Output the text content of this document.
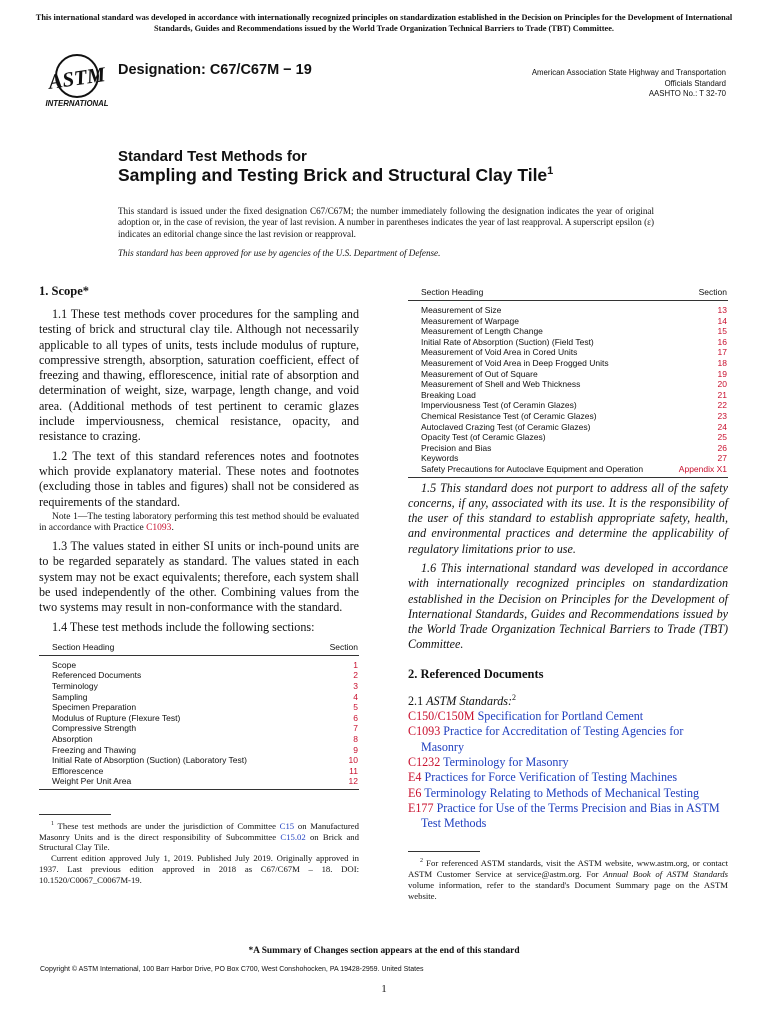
This international standard was developed in accordance with internationally recognized principles on standardization established in the Decision on Principles for the Development of International Standards, Guides and Recommendations issued by the World Trade Organization Technical Barriers to Trade (TBT) Committee.
ASTM
INTERNATIONAL
Designation: C67/C67M − 19	American Association State Highway and Transportation
Officials Standard
AASHTO No.: T 32-70
Standard Test Methods for
Sampling and Testing Brick and Structural Clay Tile$^1$
This standard is issued under the fixed designation C67/C67M; the number immediately following the designation indicates the year of original adoption or, in the case of revision, the year of last revision. A number in parentheses indicates the year of last reapproval. A superscript epsilon (ε) indicates an editorial change since the last revision or reapproval.
This standard has been approved for use by agencies of the U.S. Department of Defense.
1. Scope*

1.1 These test methods cover procedures for the sampling and testing of brick and structural clay tile. Although not necessarily applicable to all types of units, tests include modulus of rupture, compressive strength, absorption, saturation coefficient, effect of freezing and thawing, efflorescence, initial rate of absorption and determination of weight, size, warpage, length change, and void area. (Additional methods of test pertinent to ceramic glazes include imperviousness, chemical resistance, opacity, and resistance to crazing.

1.2 The text of this standard references notes and footnotes which provide explanatory material. These notes and footnotes (excluding those in tables and figures) shall not be considered as requirements of the standard.

Note 1—The testing laboratory performing this test method should be evaluated in accordance with Practice C1093.

1.3 The values stated in either SI units or inch-pound units are to be regarded separately as standard. The values stated in each system may not be exact equivalents; therefore, each system shall be used independently of the other. Combining values from the two systems may result in non-conformance with the standard.

1.4 These test methods include the following sections:

Section Heading	Section
Scope	1
Referenced Documents	2
Terminology	3
Sampling	4
Specimen Preparation	5
Modulus of Rupture (Flexure Test)	6
Compressive Strength	7
Absorption	8
Freezing and Thawing	9
Initial Rate of Absorption (Suction) (Laboratory Test)	10
Efflorescence	11
Weight Per Unit Area	12

$^1$ These test methods are under the jurisdiction of Committee C15 on Manufactured Masonry Units and is the direct responsibility of Subcommittee C15.02 on Brick and Structural Clay Tile.

Current edition approved July 1, 2019. Published July 2019. Originally approved in 1937. Last previous edition approved in 2018 as C67/C67M – 18. DOI: 10.1520/C0067_C0067M-19.

Section Heading	Section
Measurement of Size	13
Measurement of Warpage	14
Measurement of Length Change	15
Initial Rate of Absorption (Suction) (Field Test)	16
Measurement of Void Area in Cored Units	17
Measurement of Void Area in Deep Frogged Units	18
Measurement of Out of Square	19
Measurement of Shell and Web Thickness	20
Breaking Load	21
Imperviousness Test (of Ceramin Glazes)	22
Chemical Resistance Test (of Ceramic Glazes)	23
Autoclaved Crazing Test (of Ceramic Glazes)	24
Opacity Test (of Ceramic Glazes)	25
Precision and Bias	26
Keywords	27
Safety Precautions for Autoclave Equipment and Operation	Appendix X1

1.5 This standard does not purport to address all of the safety concerns, if any, associated with its use. It is the responsibility of the user of this standard to establish appropriate safety, health, and environmental practices and determine the applicability of regulatory limitations prior to use.

1.6 This international standard was developed in accordance with internationally recognized principles on standardization established in the Decision on Principles for the Development of International Standards, Guides and Recommendations issued by the World Trade Organization Technical Barriers to Trade (TBT) Committee.

2. Referenced Documents

2.1 ASTM Standards:$^2$

C150/C150M Specification for Portland Cement

C1093 Practice for Accreditation of Testing Agencies for Masonry

C1232 Terminology for Masonry

E4 Practices for Force Verification of Testing Machines

E6 Terminology Relating to Methods of Mechanical Testing

E177 Practice for Use of the Terms Precision and Bias in ASTM Test Methods

$^2$ For referenced ASTM standards, visit the ASTM website, www.astm.org, or contact ASTM Customer Service at service@astm.org. For Annual Book of ASTM Standards volume information, refer to the standard's Document Summary page on the ASTM website.

*A Summary of Changes section appears at the end of this standard
Copyright © ASTM International, 100 Barr Harbor Drive, PO Box C700, West Conshohocken, PA 19428-2959. United States
1
